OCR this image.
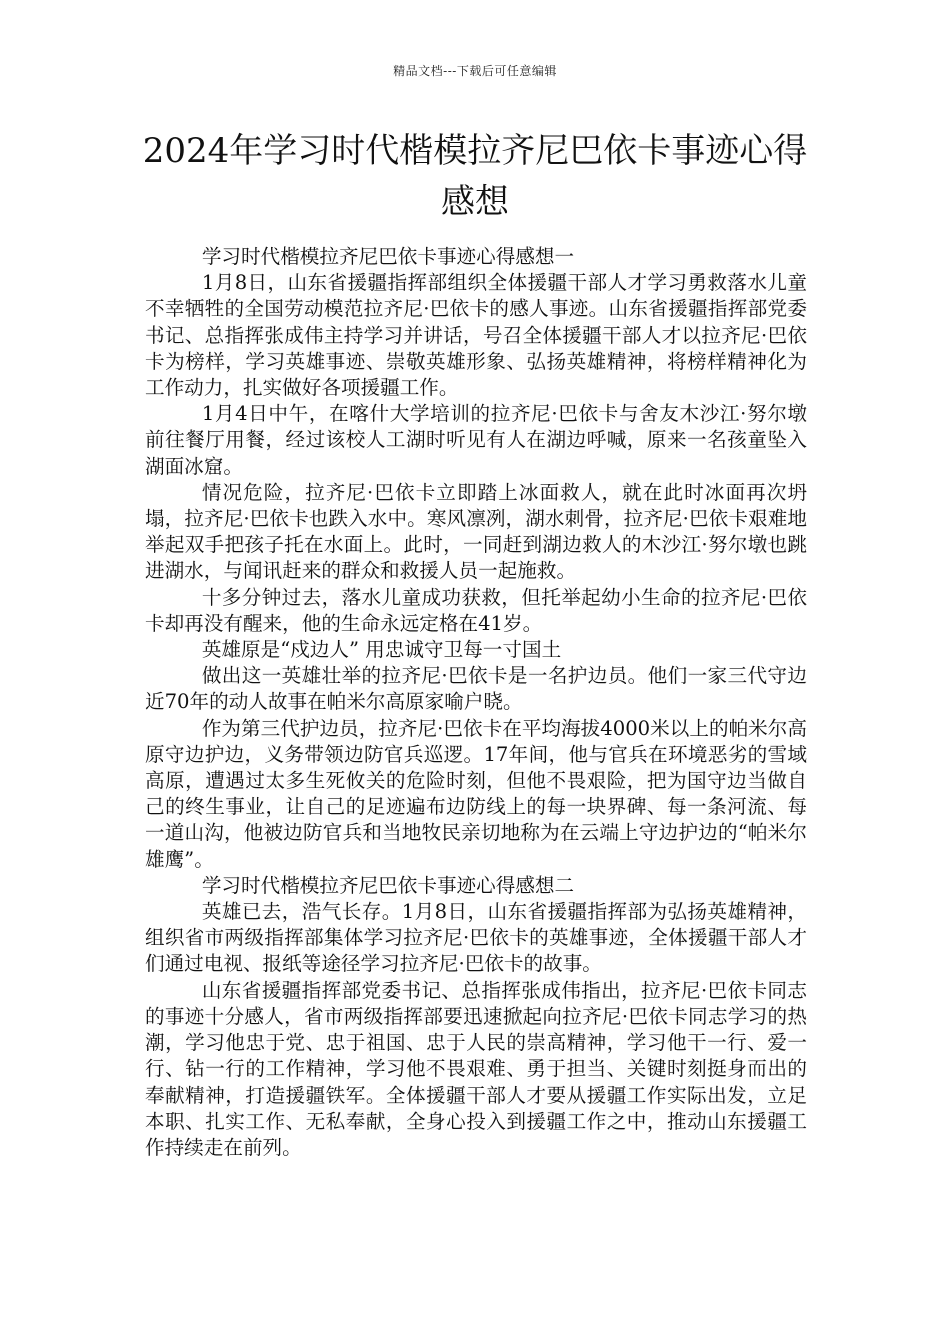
精品文档---下载后可任意编辑
2024年学习时代楷模拉齐尼巴依卡事迹心得感想

学习时代楷模拉齐尼巴依卡事迹心得感想一

1月8日，山东省援疆指挥部组织全体援疆干部人才学习勇救落水儿童不幸牺牲的全国劳动模范拉齐尼·巴依卡的感人事迹。山东省援疆指挥部党委书记、总指挥张成伟主持学习并讲话，号召全体援疆干部人才以拉齐尼·巴依卡为榜样，学习英雄事迹、崇敬英雄形象、弘扬英雄精神，将榜样精神化为工作动力，扎实做好各项援疆工作。

1月4日中午，在喀什大学培训的拉齐尼·巴依卡与舍友木沙江·努尔墩前往餐厅用餐，经过该校人工湖时听见有人在湖边呼喊，原来一名孩童坠入湖面冰窟。

情况危险，拉齐尼·巴依卡立即踏上冰面救人，就在此时冰面再次坍塌，拉齐尼·巴依卡也跌入水中。寒风凛冽，湖水刺骨，拉齐尼·巴依卡艰难地举起双手把孩子托在水面上。此时，一同赶到湖边救人的木沙江·努尔墩也跳进湖水，与闻讯赶来的群众和救援人员一起施救。

十多分钟过去，落水儿童成功获救，但托举起幼小生命的拉齐尼·巴依卡却再没有醒来，他的生命永远定格在41岁。

英雄原是“戍边人” 用忠诚守卫每一寸国土

做出这一英雄壮举的拉齐尼·巴依卡是一名护边员。他们一家三代守边近70年的动人故事在帕米尔高原家喻户晓。

作为第三代护边员，拉齐尼·巴依卡在平均海拔4000米以上的帕米尔高原守边护边，义务带领边防官兵巡逻。17年间，他与官兵在环境恶劣的雪域高原，遭遇过太多生死攸关的危险时刻，但他不畏艰险，把为国守边当做自己的终生事业，让自己的足迹遍布边防线上的每一块界碑、每一条河流、每一道山沟，他被边防官兵和当地牧民亲切地称为在云端上守边护边的“帕米尔雄鹰”。

学习时代楷模拉齐尼巴依卡事迹心得感想二

英雄已去，浩气长存。1月8日，山东省援疆指挥部为弘扬英雄精神，组织省市两级指挥部集体学习拉齐尼·巴依卡的英雄事迹，全体援疆干部人才们通过电视、报纸等途径学习拉齐尼·巴依卡的故事。

山东省援疆指挥部党委书记、总指挥张成伟指出，拉齐尼·巴依卡同志的事迹十分感人，省市两级指挥部要迅速掀起向拉齐尼·巴依卡同志学习的热潮，学习他忠于党、忠于祖国、忠于人民的崇高精神，学习他干一行、爱一行、钻一行的工作精神，学习他不畏艰难、勇于担当、关键时刻挺身而出的奉献精神，打造援疆铁军。全体援疆干部人才要从援疆工作实际出发，立足本职、扎实工作、无私奉献，全身心投入到援疆工作之中，推动山东援疆工作持续走在前列。
